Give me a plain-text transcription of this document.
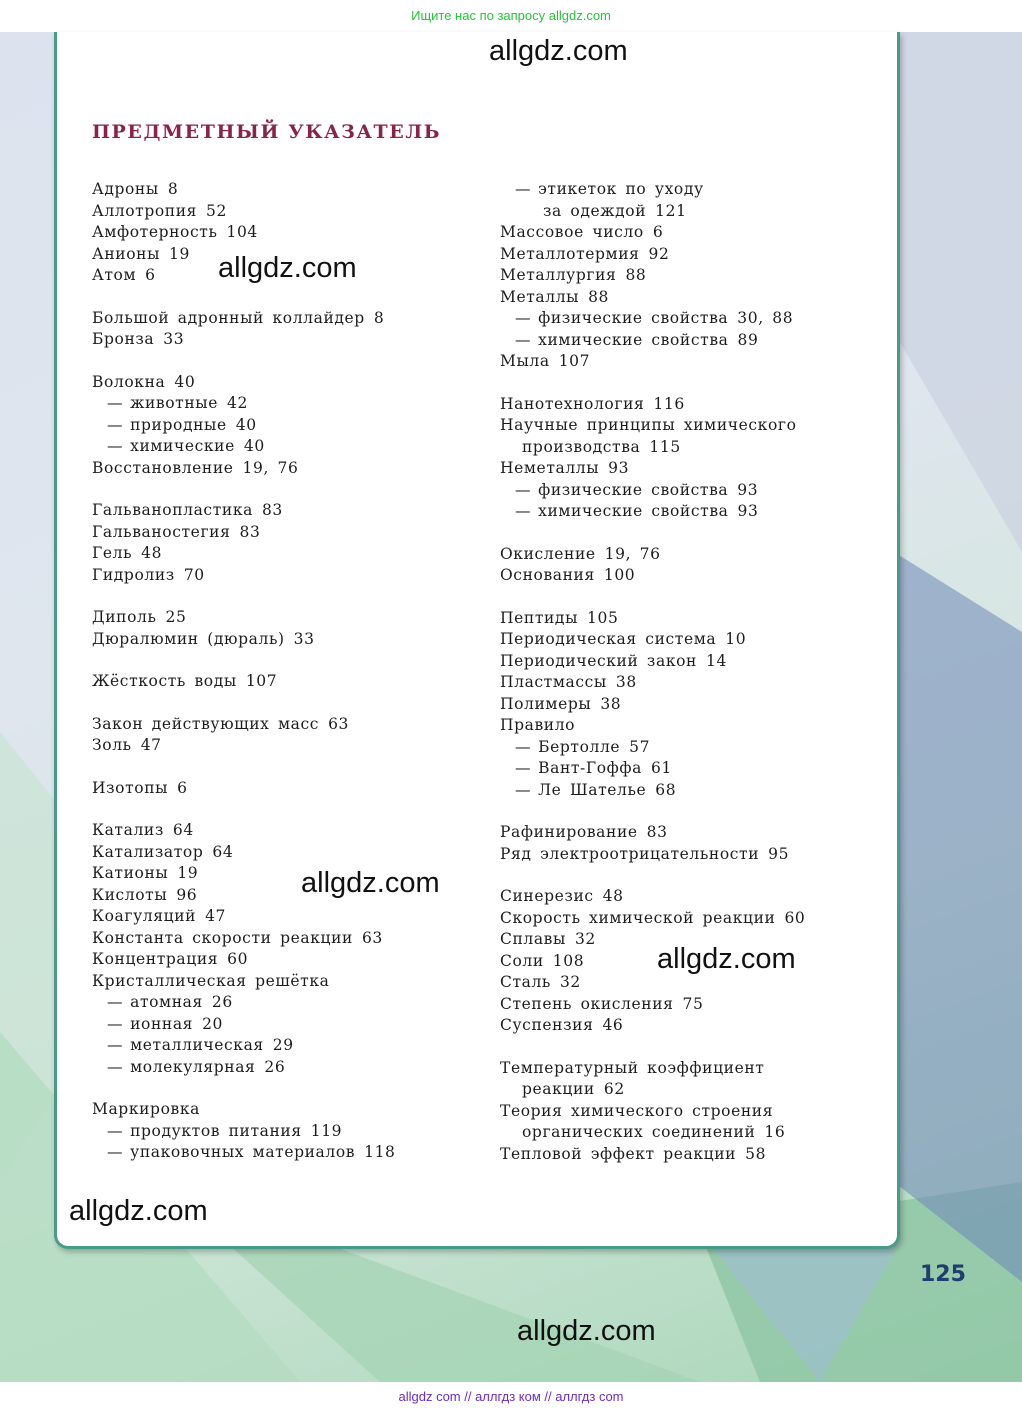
Ищите нас по запросу allgdz.com
ПРЕДМЕТНЫЙ УКАЗАТЕЛЬ
Адроны 8
Аллотропия 52
Амфотерность 104
Анионы 19
Атом 6
Большой адронный коллайдер 8
Бронза 33
Волокна 40
— животные 42
— природные 40
— химические 40
Восстановление 19, 76
Гальванопластика 83
Гальваностегия 83
Гель 48
Гидролиз 70
Диполь 25
Дюралюмин (дюраль) 33
Жёсткость воды 107
Закон действующих масс 63
Золь 47
Изотопы 6
Катализ 64
Катализатор 64
Катионы 19
Кислоты 96
Коагуляций 47
Константа скорости реакции 63
Концентрация 60
Кристаллическая решётка
— атомная 26
— ионная 20
— металлическая 29
— молекулярная 26
Маркировка
— продуктов питания 119
— упаковочных материалов 118
— этикеток по уходу
за одеждой 121
Массовое число 6
Металлотермия 92
Металлургия 88
Металлы 88
— физические свойства 30, 88
— химические свойства 89
Мыла 107
Нанотехнология 116
Научные принципы химического
производства 115
Неметаллы 93
— физические свойства 93
— химические свойства 93
Окисление 19, 76
Основания 100
Пептиды 105
Периодическая система 10
Периодический закон 14
Пластмассы 38
Полимеры 38
Правило
— Бертолле 57
— Вант-Гоффа 61
— Ле Шателье 68
Рафинирование 83
Ряд электроотрицательности 95
Синерезис 48
Скорость химической реакции 60
Сплавы 32
Соли 108
Сталь 32
Степень окисления 75
Суспензия 46
Температурный коэффициент
реакции 62
Теория химического строения
органических соединений 16
Тепловой эффект реакции 58
allgdz.com
allgdz.com
allgdz.com
allgdz.com
allgdz.com
allgdz.com
125
allgdz com // аллгдз ком // аллгдз com
